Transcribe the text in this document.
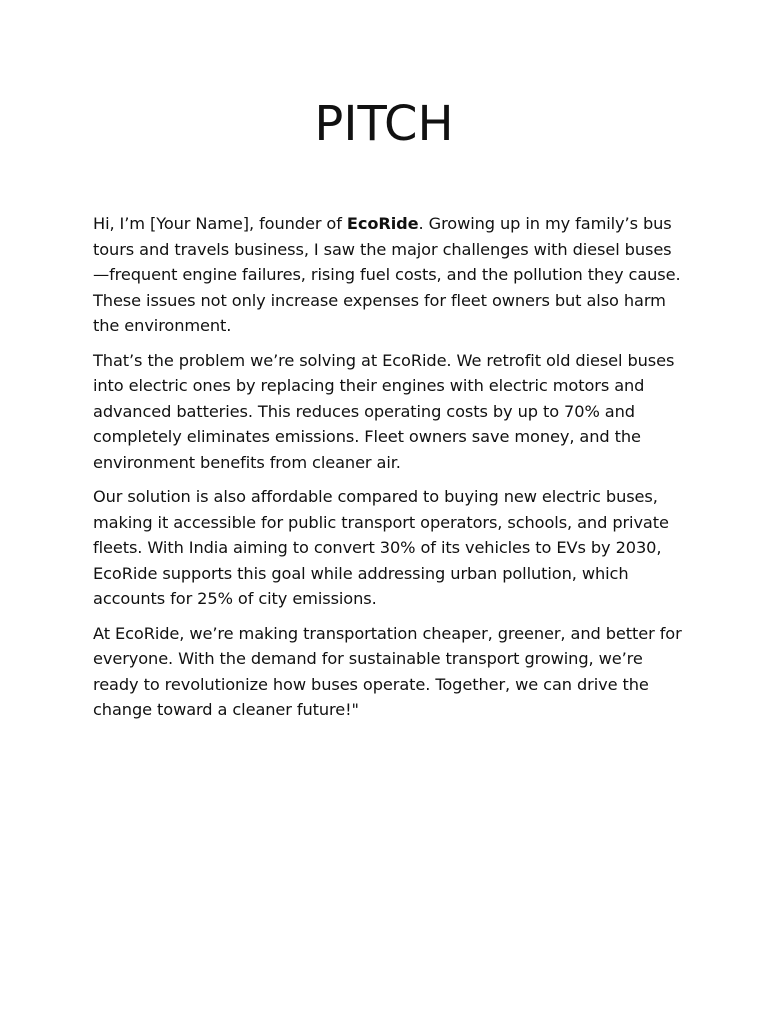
PITCH

Hi, I’m [Your Name], founder of EcoRide. Growing up in my family’s bus tours and travels business, I saw the major challenges with diesel buses—frequent engine failures, rising fuel costs, and the pollution they cause. These issues not only increase expenses for fleet owners but also harm the environment.

That’s the problem we’re solving at EcoRide. We retrofit old diesel buses into electric ones by replacing their engines with electric motors and advanced batteries. This reduces operating costs by up to 70% and completely eliminates emissions. Fleet owners save money, and the environment benefits from cleaner air.

Our solution is also affordable compared to buying new electric buses, making it accessible for public transport operators, schools, and private fleets. With India aiming to convert 30% of its vehicles to EVs by 2030, EcoRide supports this goal while addressing urban pollution, which accounts for 25% of city emissions.

At EcoRide, we’re making transportation cheaper, greener, and better for everyone. With the demand for sustainable transport growing, we’re ready to revolutionize how buses operate. Together, we can drive the change toward a cleaner future!"
